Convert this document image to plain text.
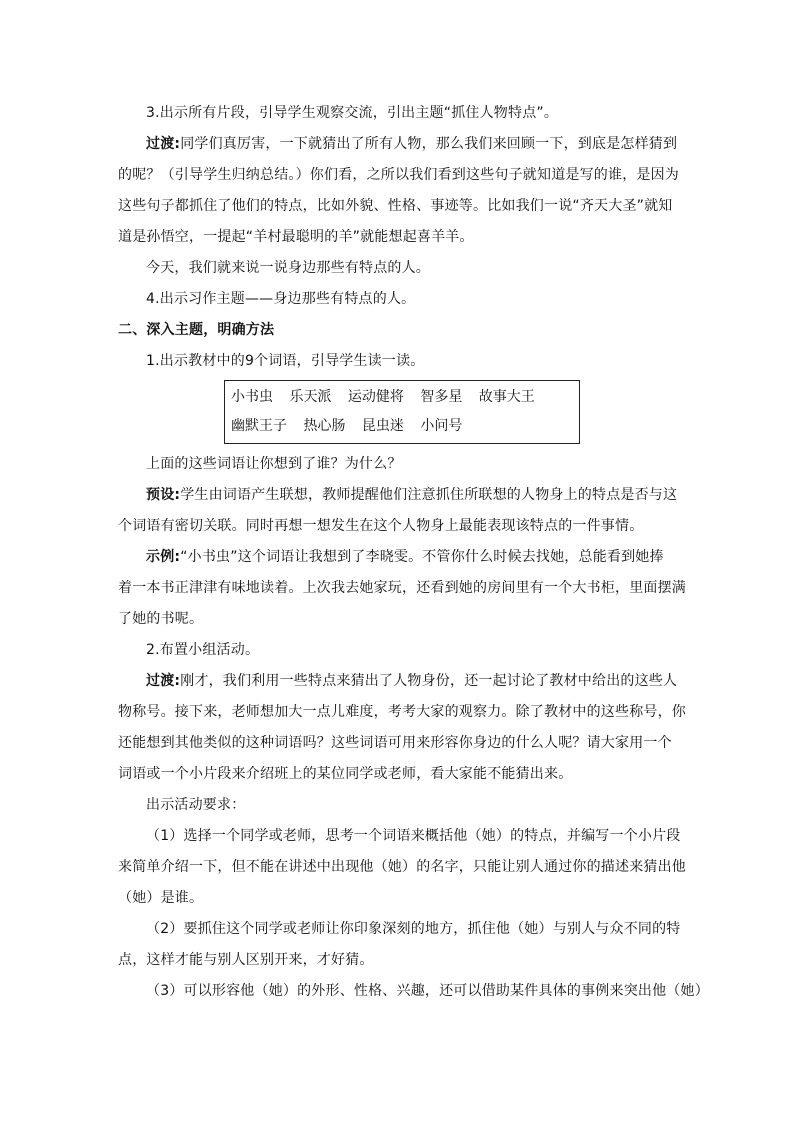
3.出示所有片段，引导学生观察交流，引出主题“抓住人物特点”。
过渡:同学们真厉害，一下就猜出了所有人物，那么我们来回顾一下，到底是怎样猜到
的呢？（引导学生归纳总结。）你们看，之所以我们看到这些句子就知道是写的谁，是因为
这些句子都抓住了他们的特点，比如外貌、性格、事迹等。比如我们一说“齐天大圣”就知
道是孙悟空，一提起“羊村最聪明的羊”就能想起喜羊羊。
今天，我们就来说一说身边那些有特点的人。
4.出示习作主题——身边那些有特点的人。
二、深入主题，明确方法
1.出示教材中的9个词语，引导学生读一读。
小书虫 乐天派 运动健将 智多星 故事大王
幽默王子 热心肠 昆虫迷 小问号
上面的这些词语让你想到了谁？为什么？
预设:学生由词语产生联想，教师提醒他们注意抓住所联想的人物身上的特点是否与这
个词语有密切关联。同时再想一想发生在这个人物身上最能表现该特点的一件事情。
示例:“小书虫”这个词语让我想到了李晓雯。不管你什么时候去找她，总能看到她捧
着一本书正津津有味地读着。上次我去她家玩，还看到她的房间里有一个大书柜，里面摆满
了她的书呢。
2.布置小组活动。
过渡:刚才，我们利用一些特点来猜出了人物身份，还一起讨论了教材中给出的这些人
物称号。接下来，老师想加大一点儿难度，考考大家的观察力。除了教材中的这些称号，你
还能想到其他类似的这种词语吗？这些词语可用来形容你身边的什么人呢？请大家用一个
词语或一个小片段来介绍班上的某位同学或老师，看大家能不能猜出来。
出示活动要求：
（1）选择一个同学或老师，思考一个词语来概括他（她）的特点，并编写一个小片段
来简单介绍一下，但不能在讲述中出现他（她）的名字，只能让别人通过你的描述来猜出他
（她）是谁。
（2）要抓住这个同学或老师让你印象深刻的地方，抓住他（她）与别人与众不同的特
点，这样才能与别人区别开来，才好猜。
（3）可以形容他（她）的外形、性格、兴趣，还可以借助某件具体的事例来突出他（她）
